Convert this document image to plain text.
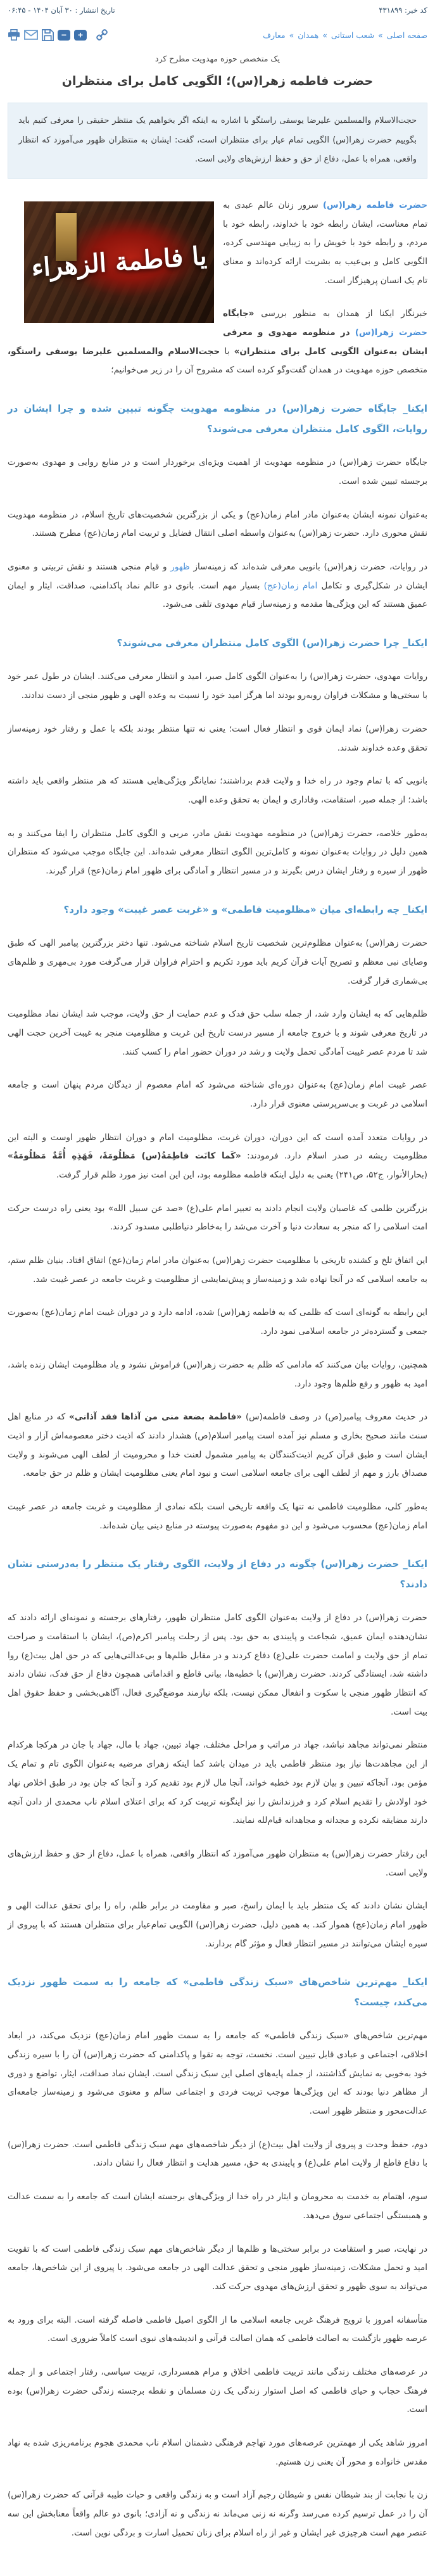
کد خبر: ۴۳۱۸۹۹
تاریخ انتشار : ۳۰ آبان ۱۴۰۴ - ۰۶:۴۵
صفحه اصلی » شعب استانی » همدان » معارف
−	+
یک متخصص حوزه مهدویت مطرح کرد
حضرت فاطمه زهرا(س)؛ الگویی کامل برای منتظران
حجت‌الاسلام والمسلمین علیرضا یوسفی راستگو با اشاره به اینکه اگر بخواهیم یک منتظر حقیقی را معرفی کنیم باید بگوییم حضرت زهرا(س) الگویی تمام عیار برای منتظران است، گفت: ایشان به منتظران ظهور می‌آموزد که انتظار واقعی، همراه با عمل، دفاع از حق و حفظ ارزش‌های ولایی است.
یا فاطمة الزهراء

حضرت فاطمه زهرا(س) سرور زنان عالم عبدی به تمام معناست، ایشان رابطه خود با خداوند، رابطه خود با مردم، و رابطه خود با خویش را به زیبایی مهندسی کرده، الگویی کامل و بی‌عیب به بشریت ارائه کرده‌اند و معنای تام یک انسان پرهیزگار است.

خبرنگار ایکنا از همدان به منظور بررسی «جایگاه حضرت زهرا(س) در منظومه مهدوی و معرفی ایشان به‌عنوان الگویی کامل برای منتظران» با حجت‌الاسلام والمسلمین علیرضا یوسفی راستگو، متخصص حوزه مهدویت در همدان گفت‌وگو کرده است که مشروح آن را در زیر می‌خوانیم؛

ایکنا_ جایگاه حضرت زهرا(س) در منظومه مهدویت چگونه تبیین شده و چرا ایشان در روایات، الگوی کامل منتظران معرفی می‌شوند؟

جایگاه حضرت زهرا(س) در منظومه مهدویت از اهمیت ویژه‌ای برخوردار است و در منابع روایی و مهدوی به‌صورت برجسته تبیین شده است.

به‌عنوان نمونه ایشان به‌عنوان مادر امام زمان(عج) و یکی از بزرگترین شخصیت‌های تاریخ اسلام، در منظومه مهدویت نقش محوری دارد. حضرت زهرا(س) به‌عنوان واسطه اصلی انتقال فضایل و تربیت امام زمان(عج) مطرح هستند.

در روایات، حضرت زهرا(س) بانویی معرفی شده‌اند که زمینه‌ساز ظهور و قیام منجی هستند و نقش تربیتی و معنوی ایشان در شکل‌گیری و تکامل امام زمان(عج) بسیار مهم است. بانوی دو عالم نماد پاکدامنی، صداقت، ایثار و ایمان عمیق هستند که این ویژگی‌ها مقدمه و زمینه‌ساز قیام مهدوی تلقی می‌شود.

ایکنا_ چرا حضرت زهرا(س) الگوی کامل منتظران معرفی می‌شوند؟

روایات مهدوی، حضرت زهرا(س) را به‌عنوان الگوی کامل صبر، امید و انتظار معرفی می‌کنند. ایشان در طول عمر خود با سختی‌ها و مشکلات فراوان روبه‌رو بودند اما هرگز امید خود را نسبت به وعده الهی و ظهور منجی از دست ندادند.

حضرت زهرا(س) نماد ایمان قوی و انتظار فعال است؛ یعنی نه تنها منتظر بودند بلکه با عمل و رفتار خود زمینه‌ساز تحقق وعده خداوند شدند.

بانویی که با تمام وجود در راه خدا و ولایت قدم برداشتند؛ نمایانگر ویژگی‌هایی هستند که هر منتظر واقعی باید داشته باشد؛ از جمله صبر، استقامت، وفاداری و ایمان به تحقق وعده الهی.

به‌طور خلاصه، حضرت زهرا(س) در منظومه مهدویت نقش مادر، مربی و الگوی کامل منتظران را ایفا می‌کنند و به همین دلیل در روایات به‌عنوان نمونه و کامل‌ترین الگوی انتظار معرفی شده‌اند. این جایگاه موجب می‌شود که منتظران ظهور از سیره و رفتار ایشان درس بگیرند و در مسیر انتظار و آمادگی برای ظهور امام زمان(عج) قرار گیرند.

ایکنا_ چه رابطه‌ای میان «مظلومیت فاطمی» و «غربت عصر غیبت» وجود دارد؟

حضرت زهرا(س) به‌عنوان مظلوم‌ترین شخصیت تاریخ اسلام شناخته می‌شود. تنها دختر بزرگترین پیامبر الهی که طبق وصایای نبی معظم و تصریح آیات قرآن کریم باید مورد تکریم و احترام فراوان قرار می‌گرفت مورد بی‌مهری و ظلم‌های بی‌شماری قرار گرفت.

ظلم‌هایی که به ایشان وارد شد، از جمله سلب حق فدک و عدم حمایت از حق ولایت، موجب شد ایشان نماد مظلومیت در تاریخ معرفی شوند و با خروج جامعه از مسیر درست تاریخ این غربت و مظلومیت منجر به غیبت آخرین حجت الهی شد تا مردم عصر غیبت آمادگی تحمل ولایت و رشد در دوران حضور امام را کسب کنند.

عصر غیبت امام زمان(عج) به‌عنوان دوره‌ای شناخته می‌شود که امام معصوم از دیدگان مردم پنهان است و جامعه اسلامی در غربت و بی‌سرپرستی معنوی قرار دارد.

در روایات متعدد آمده است که این دوران، دوران غربت، مظلومیت امام و دوران انتظار ظهور اوست و البته این مظلومیت ریشه در صدر اسلام دارد. فرمودند: «کَما کانَت فاطِمَةُ(س) مَظلُومَةً، فَهَذِهِ أُمَّةٌ مَظلُومَةٌ» (بحارالأنوار، ج۵۲، ص۲۴۱) یعنی به دلیل اینکه فاطمه مظلومه بود، این این امت نیز مورد ظلم قرار گرفت.

بزرگترین ظلمی که غاصبان ولایت انجام دادند به تعبیر امام علی(ع) «صد عن سبیل الله» بود یعنی راه درست حرکت امت اسلامی را که منجر به سعادت دنیا و آخرت می‌شد را به‌خاطر دنیاطلبی مسدود کردند.

این اتفاق تلخ و کشنده تاریخی با مظلومیت حضرت زهرا(س) به‌عنوان مادر امام زمان(عج) اتفاق افتاد. بنیان ظلم ستم، به جامعه اسلامی که در آنجا نهاده شد و زمینه‌ساز و پیش‌نمایشی از مظلومیت و غربت جامعه در عصر غیبت شد.

این رابطه به گونه‌ای است که ظلمی که به فاطمه زهرا(س) شده، ادامه دارد و در دوران غیبت امام زمان(عج) به‌صورت جمعی و گسترده‌تر در جامعه اسلامی نمود دارد.

همچنین، روایات بیان می‌کنند که مادامی که ظلم به حضرت زهرا(س) فراموش نشود و یاد مظلومیت ایشان زنده باشد، امید به ظهور و رفع ظلم‌ها وجود دارد.

در حدیث معروف پیامبر(ص) در وصف فاطمه(س) «فاطمة بضعة منی من آذاها فقد آذانی» که در منابع اهل سنت مانند صحیح بخاری و مسلم نیز آمده است پیامبر اسلام(ص) هشدار دادند که اذیت دختر معصومه‌اش آزار و اذیت ایشان است و طبق قرآن کریم اذیت‌کنندگان به پیامبر مشمول لعنت خدا و محرومیت از لطف الهی می‌شوند و ولایت مصداق بارز و مهم از لطف الهی برای جامعه اسلامی است و نبود امام یعنی مظلومیت ایشان و ظلم در حق جامعه.

به‌طور کلی، مظلومیت فاطمی نه تنها یک واقعه تاریخی است بلکه نمادی از مظلومیت و غربت جامعه در عصر غیبت امام زمان(عج) محسوب می‌شود و این دو مفهوم به‌صورت پیوسته در منابع دینی بیان شده‌اند.

ایکنا_ حضرت زهرا(س) چگونه در دفاع از ولایت، الگوی رفتار یک منتظر را به‌درستی نشان دادند؟

حضرت زهرا(س) در دفاع از ولایت به‌عنوان الگوی کامل منتظران ظهور، رفتارهای برجسته و نمونه‌ای ارائه دادند که نشان‌دهنده ایمان عمیق، شجاعت و پایبندی به حق بود. پس از رحلت پیامبر اکرم(ص)، ایشان با استقامت و صراحت تمام از حق ولایت و امامت حضرت علی(ع) دفاع کردند و در مقابل ظلم‌ها و بی‌عدالتی‌هایی که در حق اهل بیت(ع) روا داشته شد، ایستادگی کردند. حضرت زهرا(س) با خطبه‌ها، بیانی قاطع و اقداماتی همچون دفاع از حق فدک، نشان دادند که انتظار ظهور منجی با سکوت و انفعال ممکن نیست، بلکه نیازمند موضع‌گیری فعال، آگاهی‌بخشی و حفظ حقوق اهل بیت است.

منتظر نمی‌تواند مجاهد نباشد، جهاد در مراتب و مراحل مختلف، جهاد تبیین، جهاد با مال، جهاد با جان در هرکجا هرکدام از این مجاهدت‌ها نیاز بود منتظر فاطمی باید در میدان باشد کما اینکه زهرای مرضیه به‌عنوان الگوی تام و تمام یک مؤمن بود، آنجاکه تبیین و بیان لازم بود خطبه خواند، آنجا مال لازم بود تقدیم کرد و آنجا که جان بود در طبق اخلاص نهاد خود اولادش را تقدیم اسلام کرد و فرزندانش را نیز اینگونه تربیت کرد که برای اعتلای اسلام ناب محمدی از دادن آنچه دارند مضایقه نکرده و مجدانه و مجاهدانه قیام‌لله نمایند.

این رفتار حضرت زهرا(س) به منتظران ظهور می‌آموزد که انتظار واقعی، همراه با عمل، دفاع از حق و حفظ ارزش‌های ولایی است.

ایشان نشان دادند که یک منتظر باید با ایمان راسخ، صبر و مقاومت در برابر ظلم، راه را برای تحقق عدالت الهی و ظهور امام زمان(عج) هموار کند. به همین دلیل، حضرت زهرا(س) الگویی تمام‌عیار برای منتظران هستند که با پیروی از سیره ایشان می‌توانند در مسیر انتظار فعال و مؤثر گام بردارند.

ایکنا_ مهم‌ترین شاخص‌های «سبک زندگی فاطمی» که جامعه را به سمت ظهور نزدیک می‌کند، چیست؟

مهم‌ترین شاخص‌های «سبک زندگی فاطمی» که جامعه را به سمت ظهور امام زمان(عج) نزدیک می‌کند، در ابعاد اخلاقی، اجتماعی و عبادی قابل تبیین است. نخست، توجه به تقوا و پاکدامنی که حضرت زهرا(س) آن را با سیره زندگی خود به‌خوبی به نمایش گذاشتند، از جمله پایه‌های اصلی این سبک زندگی است. ایشان نماد صداقت، ایثار، تواضع و دوری از مظاهر دنیا بودند که این ویژگی‌ها موجب تربیت فردی و اجتماعی سالم و معنوی می‌شود و زمینه‌ساز جامعه‌ای عدالت‌محور و منتظر ظهور است.

دوم، حفظ وحدت و پیروی از ولایت اهل بیت(ع) از دیگر شاخصه‌های مهم سبک زندگی فاطمی است. حضرت زهرا(س) با دفاع قاطع از ولایت امام علی(ع) و پایبندی به حق، مسیر هدایت و انتظار فعال را نشان دادند.

سوم، اهتمام به خدمت به محرومان و ایثار در راه خدا از ویژگی‌های برجسته ایشان است که جامعه را به سمت عدالت و همبستگی اجتماعی سوق می‌دهد.

در نهایت، صبر و استقامت در برابر سختی‌ها و ظلم‌ها از دیگر شاخص‌های مهم سبک زندگی فاطمی است که با تقویت امید و تحمل مشکلات، زمینه‌ساز ظهور منجی و تحقق عدالت الهی در جامعه می‌شود. با پیروی از این شاخص‌ها، جامعه می‌تواند به سوی ظهور و تحقق ارزش‌های مهدوی حرکت کند.

متأسفانه امروز با ترویج فرهنگ غربی جامعه اسلامی ما از الگوی اصیل فاطمی فاصله گرفته است. البته برای ورود به عرصه ظهور بازگشت به اصالت فاطمی که همان اصالت قرآنی و اندیشه‌های نبوی است کاملاً ضروری است.

در عرصه‌های مختلف زندگی مانند تربیت فاطمی اخلاق و مرام همسرداری، تربیت سیاسی، رفتار اجتماعی و از جمله فرهنگ حجاب و حیای فاطمی که اصل استوار زندگی یک زن مسلمان و نقطه برجسته زندگی حضرت زهرا(س) بوده است.

امروز شاهد یکی از مهمترین عرصه‌های مورد تهاجم فرهنگی دشمنان اسلام ناب محمدی هجوم برنامه‌ریزی شده به نهاد مقدس خانواده و محور آن یعنی زن هستیم.

زن با نجابت از بند شیطان نفس و شیطان رجیم آزاد است و به زندگی واقعی و حیات طیبه قرآنی که حضرت زهرا(س) آن را در عمل ترسیم کرده می‌رسد وگرنه نه زنی می‌ماند نه زندگی و نه آزادی؛ بانوی دو عالم واقعاً معنابخش این سه عنصر مهم است هرچیزی غیر ایشان و غیر از راه اسلام برای زنان تحمیل اسارت و بردگی نوین است.
